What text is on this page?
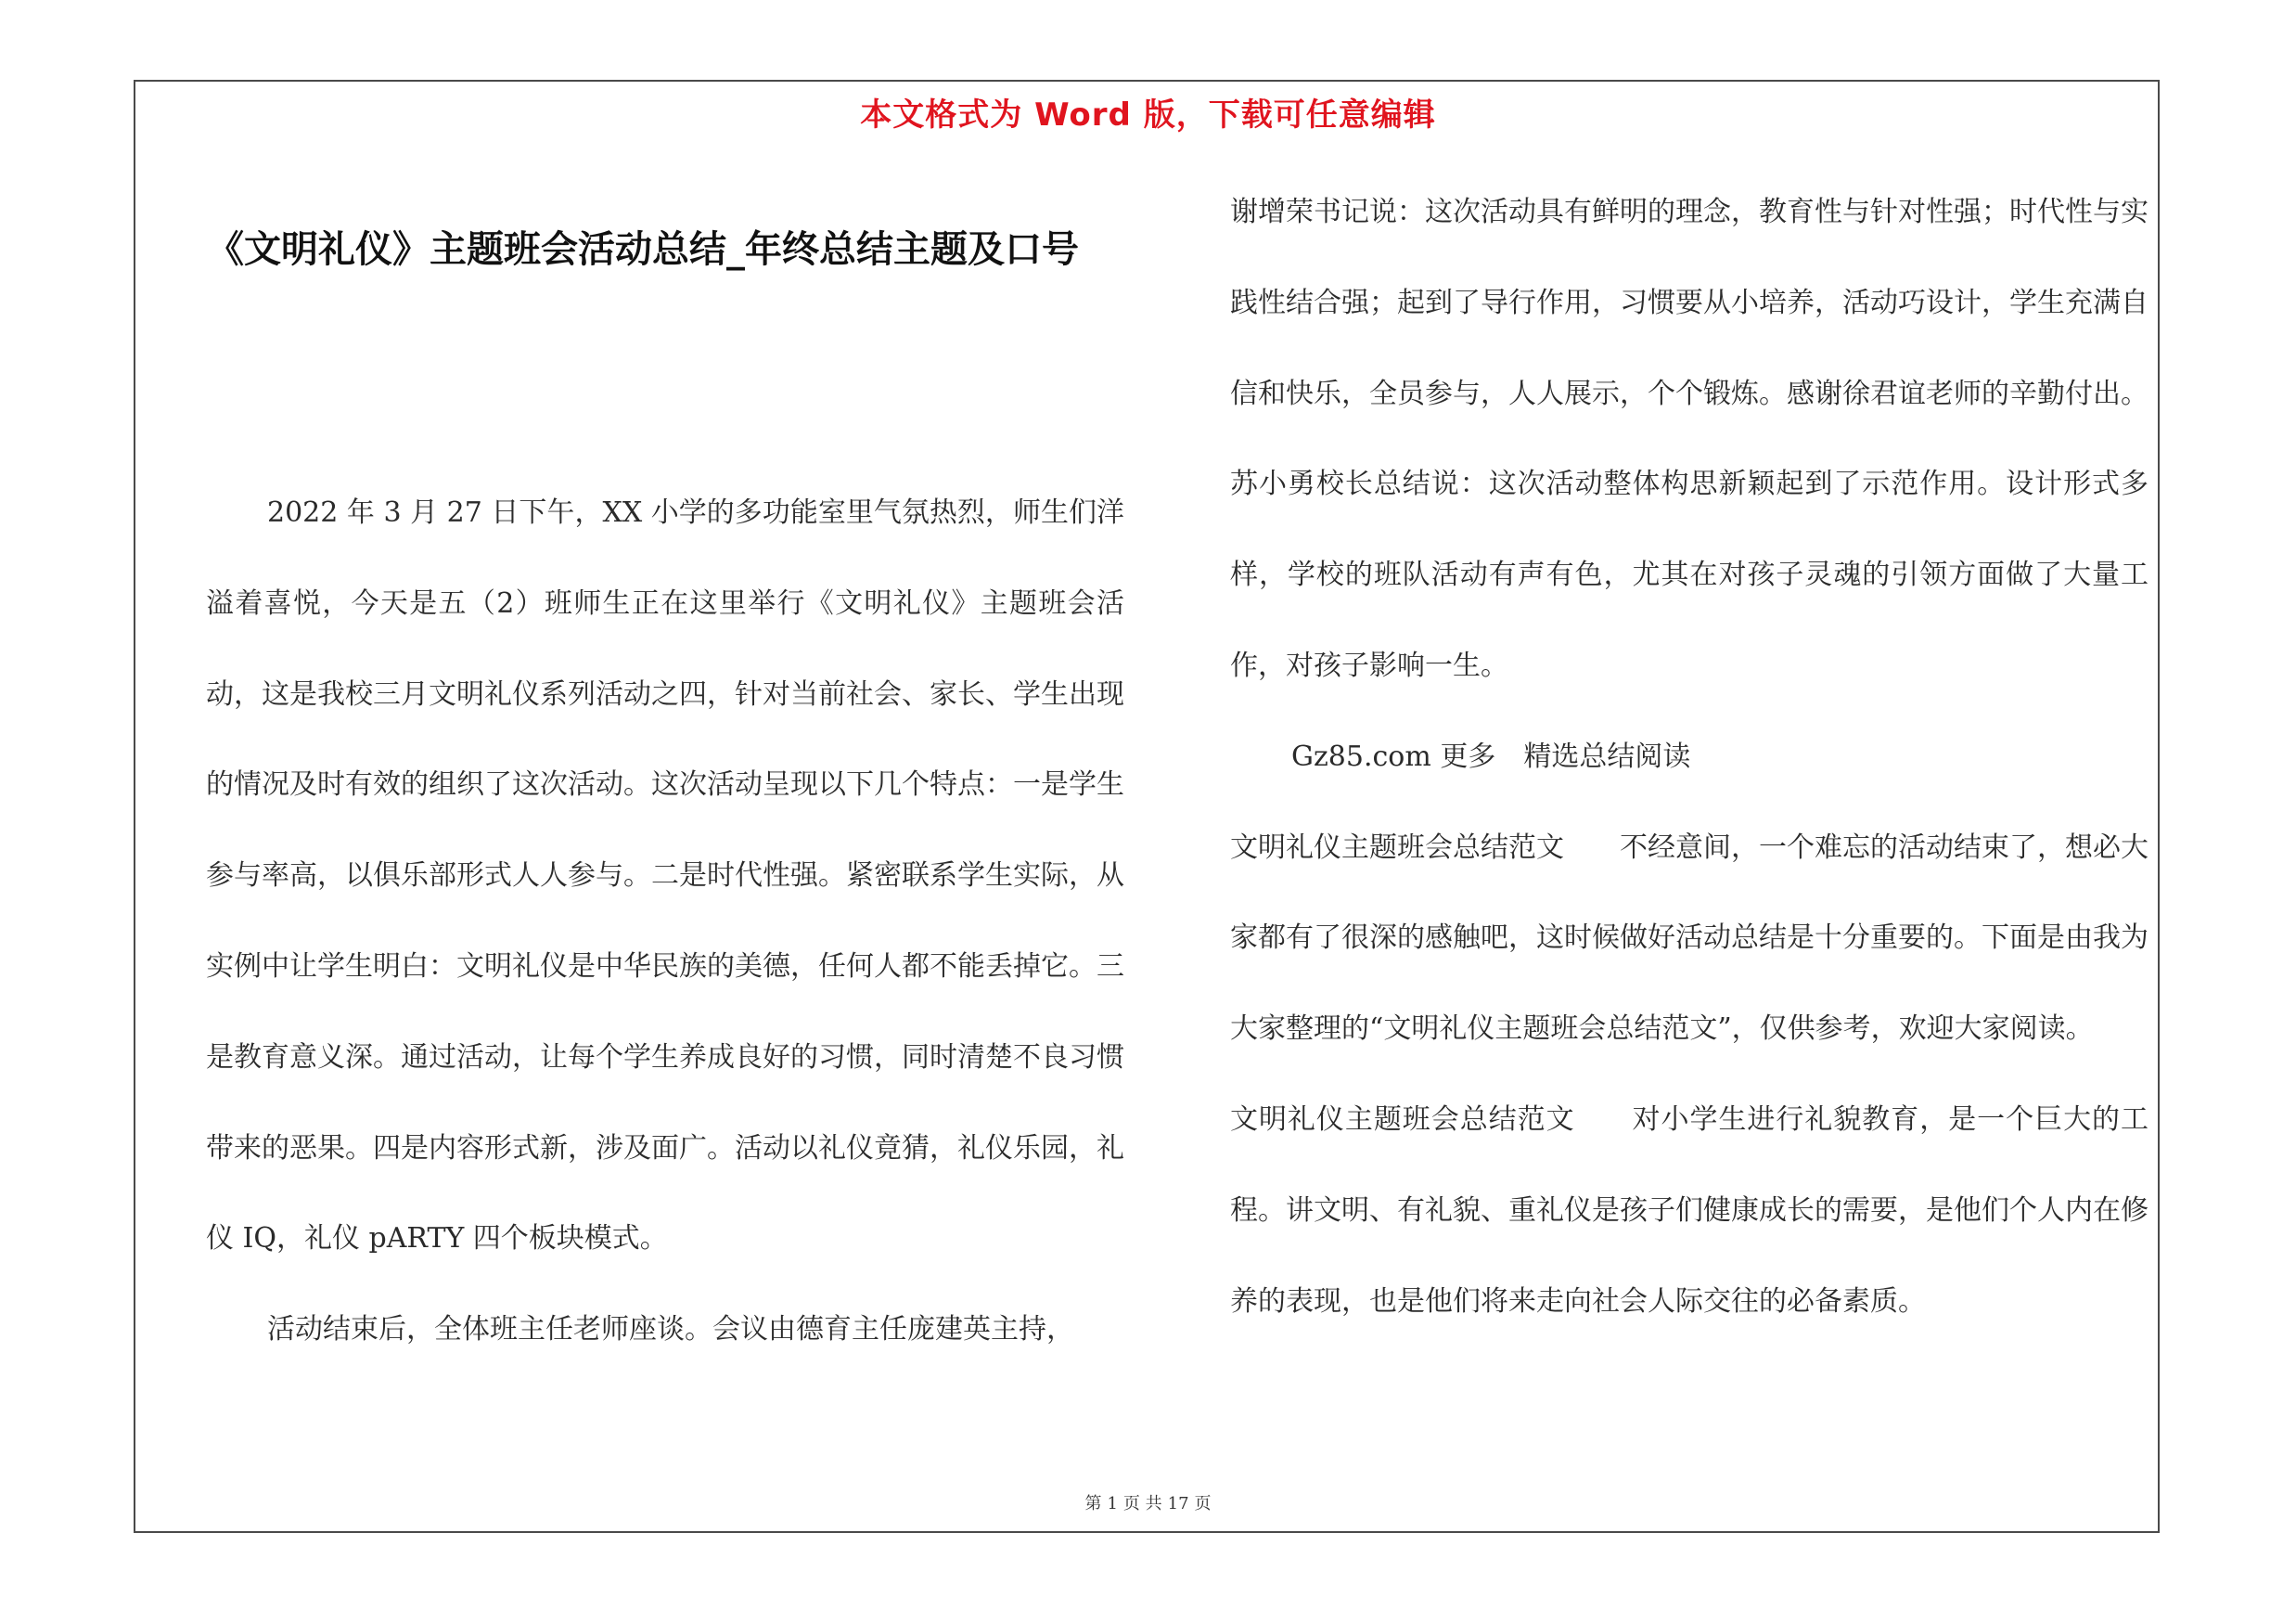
本文格式为 Word 版，下载可任意编辑
《文明礼仪》主题班会活动总结_年终总结主题及口号

2022 年 3 月 27 日下午，XX 小学的多功能室里气氛热烈，师生们洋溢着喜悦，今天是五（2）班师生正在这里举行《文明礼仪》主题班会活动，这是我校三月文明礼仪系列活动之四，针对当前社会、家长、学生出现的情况及时有效的组织了这次活动。这次活动呈现以下几个特点：一是学生参与率高，以俱乐部形式人人参与。二是时代性强。紧密联系学生实际，从实例中让学生明白：文明礼仪是中华民族的美德，任何人都不能丢掉它。三是教育意义深。通过活动，让每个学生养成良好的习惯，同时清楚不良习惯带来的恶果。四是内容形式新，涉及面广。活动以礼仪竟猜，礼仪乐园，礼仪 IQ，礼仪 pARTY 四个板块模式。

活动结束后，全体班主任老师座谈。会议由德育主任庞建英主持，

谢增荣书记说：这次活动具有鲜明的理念，教育性与针对性强；时代性与实践性结合强；起到了导行作用，习惯要从小培养，活动巧设计，学生充满自信和快乐，全员参与，人人展示，个个锻炼。感谢徐君谊老师的辛勤付出。苏小勇校长总结说：这次活动整体构思新颖起到了示范作用。设计形式多样，学校的班队活动有声有色，尤其在对孩子灵魂的引领方面做了大量工作，对孩子影响一生。

Gz85.com 更多　精选总结阅读

文明礼仪主题班会总结范文　　不经意间，一个难忘的活动结束了，想必大家都有了很深的感触吧，这时候做好活动总结是十分重要的。下面是由我为大家整理的“文明礼仪主题班会总结范文”，仅供参考，欢迎大家阅读。

文明礼仪主题班会总结范文　　对小学生进行礼貌教育，是一个巨大的工程。讲文明、有礼貌、重礼仪是孩子们健康成长的需要，是他们个人内在修养的表现，也是他们将来走向社会人际交往的必备素质。

第 1 页 共 17 页
